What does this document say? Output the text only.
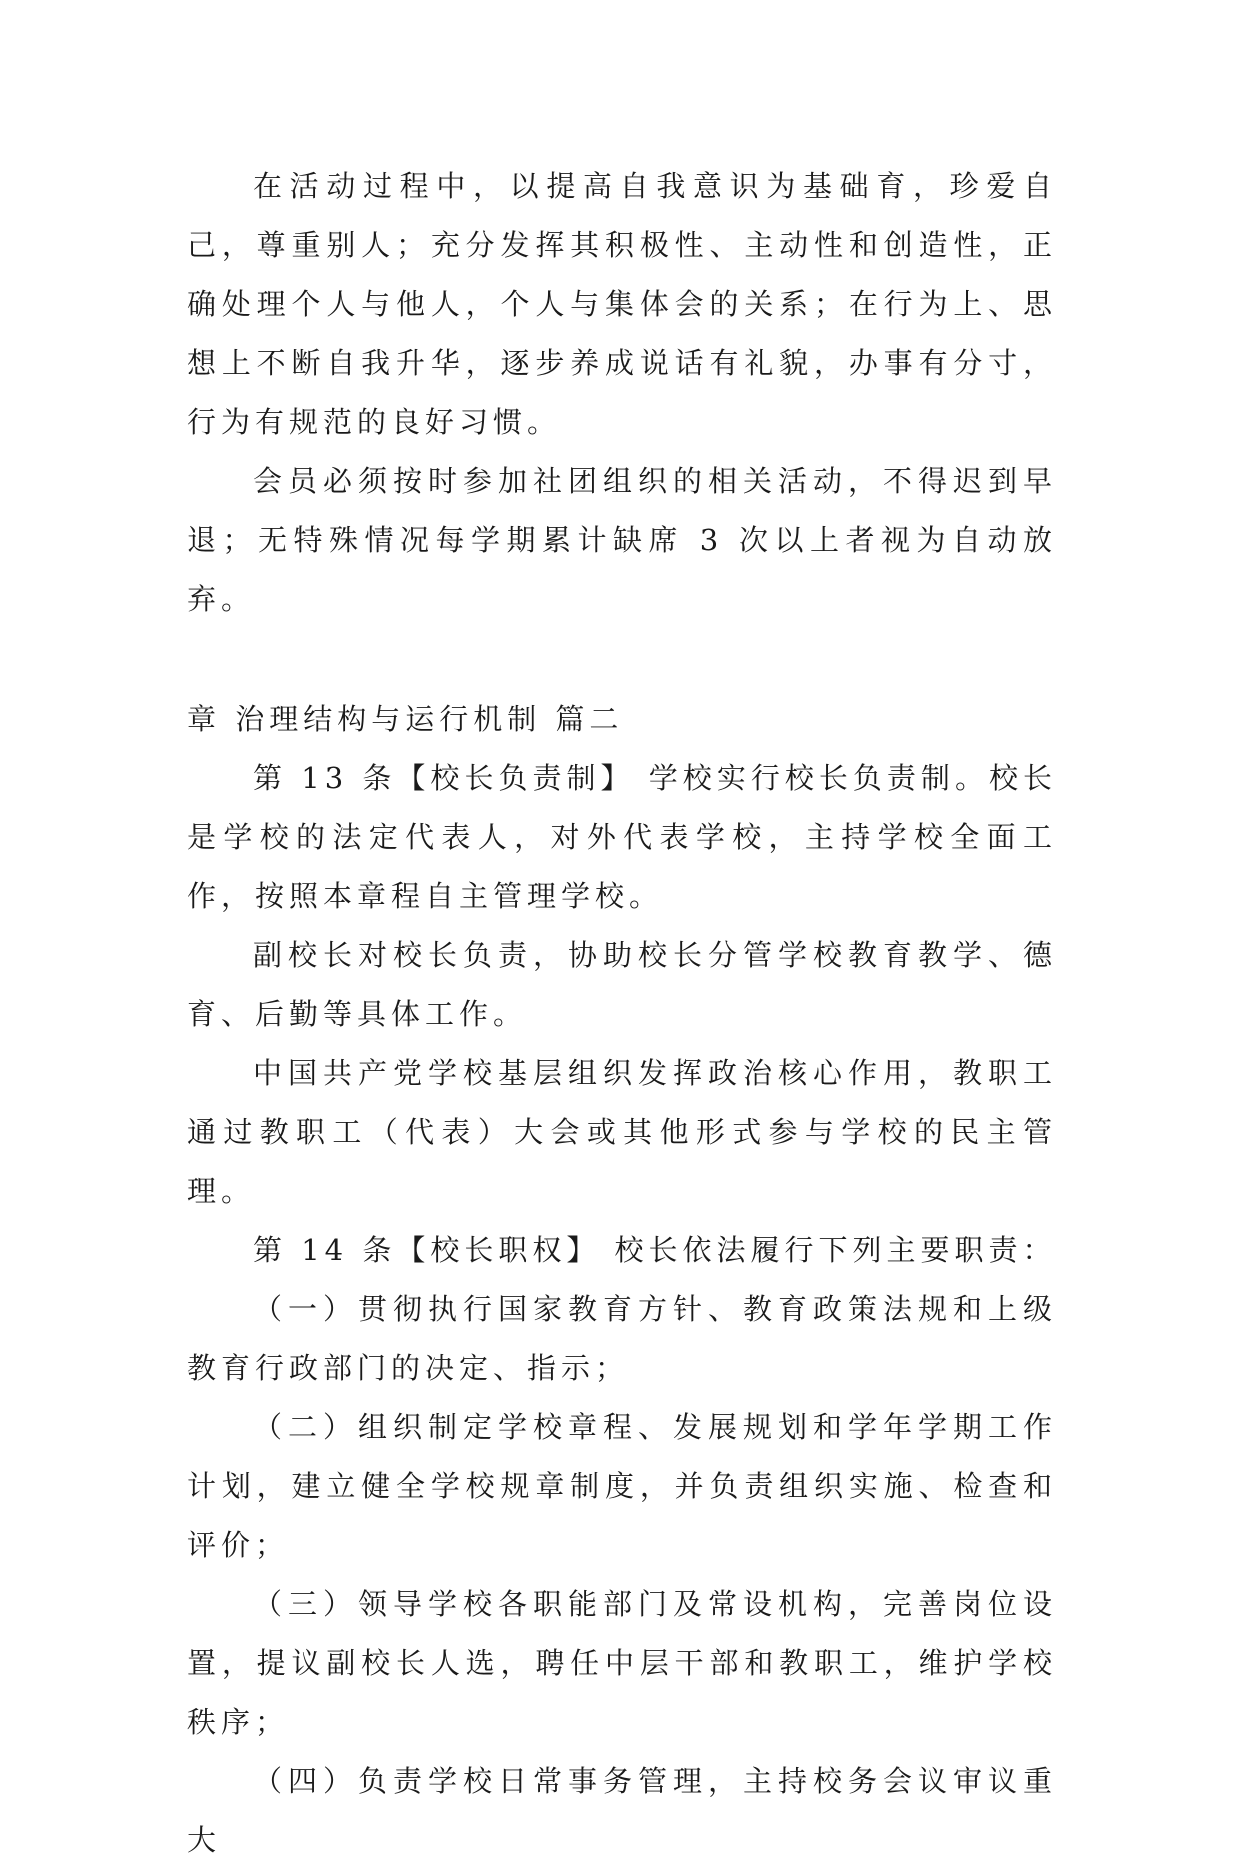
在活动过程中，以提高自我意识为基础育，珍爱自己，尊重别人；充分发挥其积极性、主动性和创造性，正确处理个人与他人，个人与集体会的关系；在行为上、思想上不断自我升华，逐步养成说话有礼貌，办事有分寸，行为有规范的良好习惯。

会员必须按时参加社团组织的相关活动，不得迟到早退；无特殊情况每学期累计缺席 3 次以上者视为自动放弃。

章 治理结构与运行机制 篇二

第 13 条【校长负责制】 学校实行校长负责制。校长是学校的法定代表人，对外代表学校，主持学校全面工作，按照本章程自主管理学校。

副校长对校长负责，协助校长分管学校教育教学、德育、后勤等具体工作。

中国共产党学校基层组织发挥政治核心作用，教职工通过教职工（代表）大会或其他形式参与学校的民主管理。

第 14 条【校长职权】 校长依法履行下列主要职责：

（一）贯彻执行国家教育方针、教育政策法规和上级教育行政部门的决定、指示；

（二）组织制定学校章程、发展规划和学年学期工作计划，建立健全学校规章制度，并负责组织实施、检查和评价；

（三）领导学校各职能部门及常设机构，完善岗位设置，提议副校长人选，聘任中层干部和教职工，维护学校秩序；

（四）负责学校日常事务管理，主持校务会议审议重大
